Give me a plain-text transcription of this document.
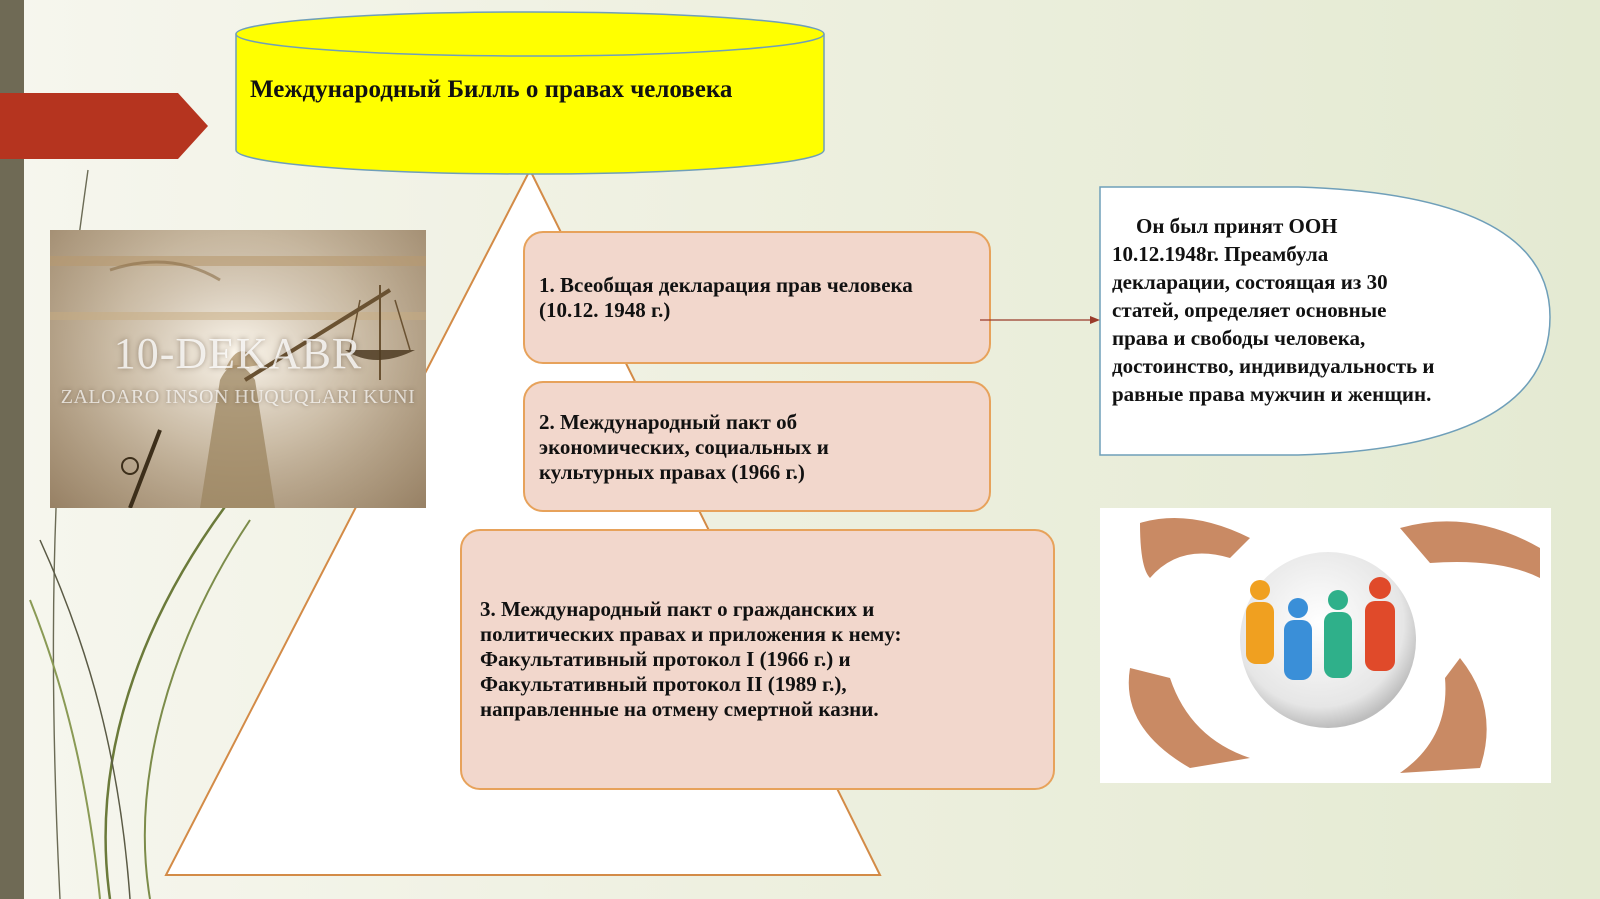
10-DEKABR
ZALOARO INSON HUQUQLARI KUNI
Международный Билль о правах человека
1. Всеобщая декларация прав человека
(10.12. 1948 г.)
2. Международный пакт об
экономических, социальных и
культурных правах (1966 г.)
3. Международный пакт о гражданских и
политических правах и приложения к нему:
Факультативный протокол I (1966 г.) и
Факультативный протокол II (1989 г.),
направленные на отмену смертной казни.
Он был принят ООН
10.12.1948г. Преамбула
декларации, состоящая из 30
статей, определяет основные
права и свободы человека,
достоинство, индивидуальность и
равные права мужчин и женщин.
